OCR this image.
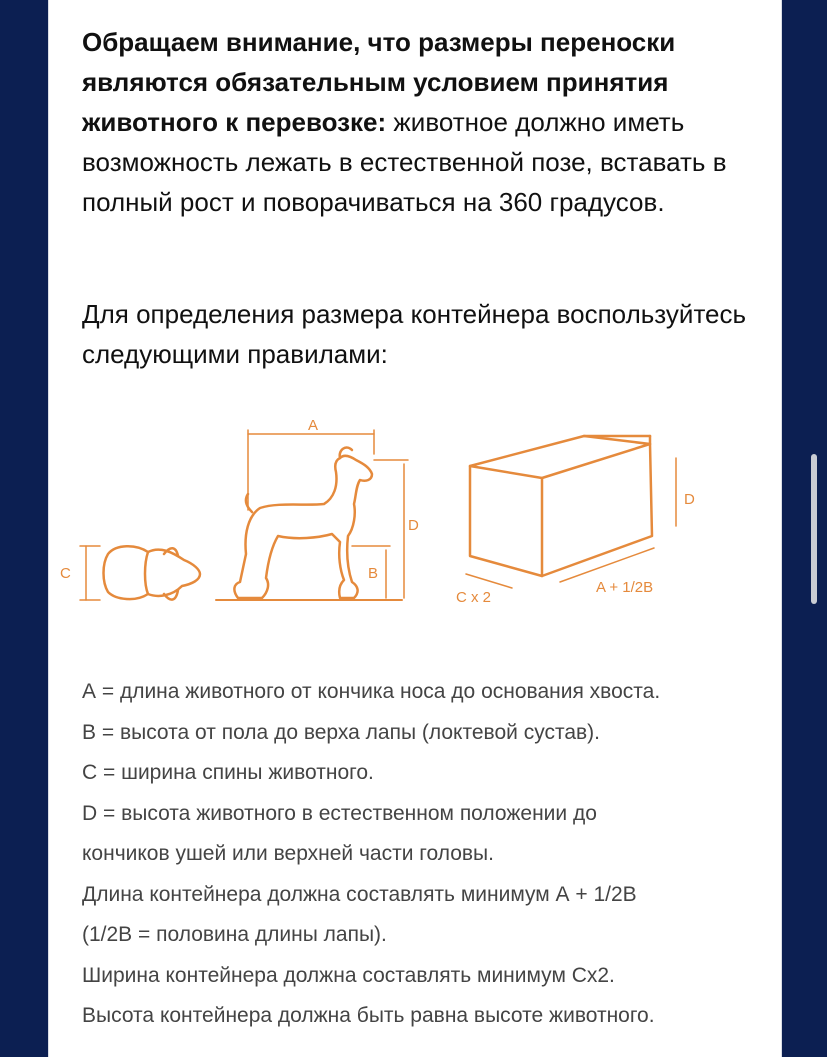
Обращаем внимание, что размеры переноски являются обязательным условием принятия животного к перевозке: животное должно иметь возможность лежать в естественной позе, вставать в полный рост и поворачиваться на 360 градусов.

Для определения размера контейнера воспользуйтесь следующими правилами:

C
A
D
B
D
C x 2
A + 1/2B
А = длина животного от кончика носа до основания хвоста.
В = высота от пола до верха лапы (локтевой сустав).
С = ширина спины животного.
D = высота животного в естественном положении до
кончиков ушей или верхней части головы.
Длина контейнера должна составлять минимум А + 1/2В
(1/2В = половина длины лапы).
Ширина контейнера должна составлять минимум Сх2.
Высота контейнера должна быть равна высоте животного.
